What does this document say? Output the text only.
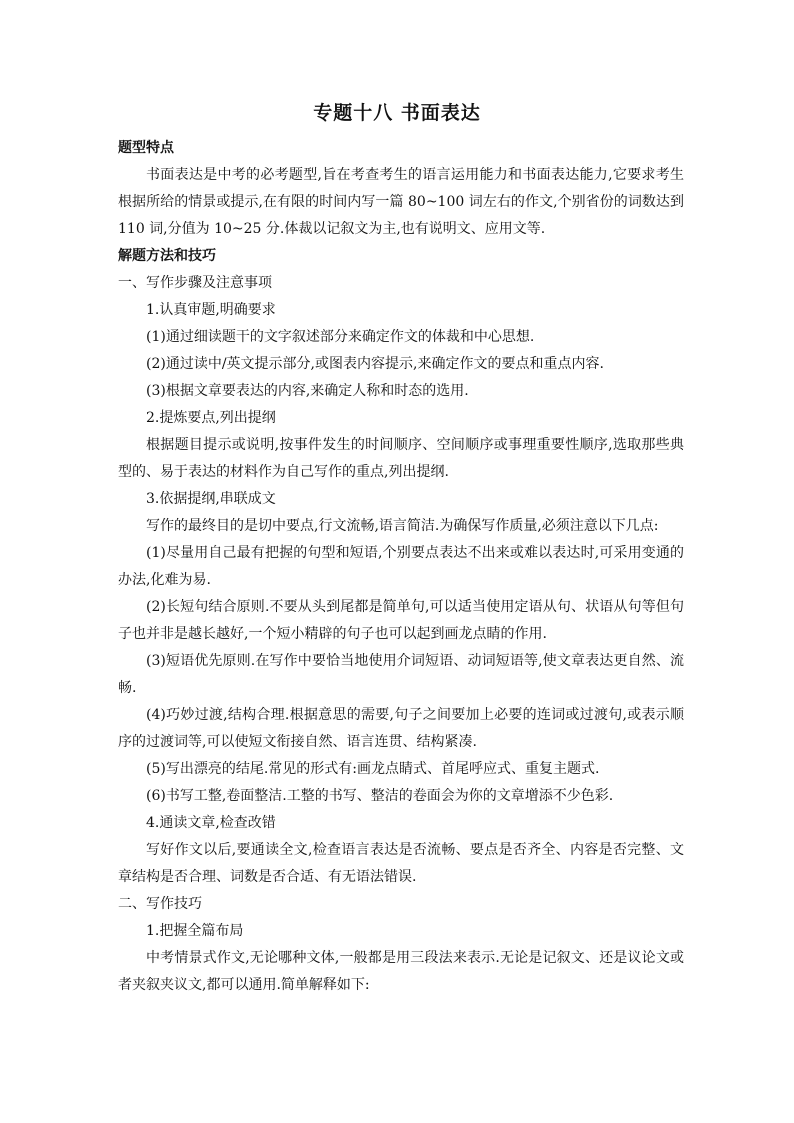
专题十八 书面表达

题型特点

书面表达是中考的必考题型,旨在考查考生的语言运用能力和书面表达能力,它要求考生根据所给的情景或提示,在有限的时间内写一篇 80~100 词左右的作文,个别省份的词数达到 110 词,分值为 10~25 分.体裁以记叙文为主,也有说明文、应用文等.

解题方法和技巧

一、写作步骤及注意事项

1.认真审题,明确要求

(1)通过细读题干的文字叙述部分来确定作文的体裁和中心思想.

(2)通过读中/英文提示部分,或图表内容提示,来确定作文的要点和重点内容.

(3)根据文章要表达的内容,来确定人称和时态的选用.

2.提炼要点,列出提纲

根据题目提示或说明,按事件发生的时间顺序、空间顺序或事理重要性顺序,选取那些典型的、易于表达的材料作为自己写作的重点,列出提纲.

3.依据提纲,串联成文

写作的最终目的是切中要点,行文流畅,语言简洁.为确保写作质量,必须注意以下几点:

(1)尽量用自己最有把握的句型和短语,个别要点表达不出来或难以表达时,可采用变通的办法,化难为易.

(2)长短句结合原则.不要从头到尾都是简单句,可以适当使用定语从句、状语从句等但句子也并非是越长越好,一个短小精辟的句子也可以起到画龙点睛的作用.

(3)短语优先原则.在写作中要恰当地使用介词短语、动词短语等,使文章表达更自然、流畅.

(4)巧妙过渡,结构合理.根据意思的需要,句子之间要加上必要的连词或过渡句,或表示顺序的过渡词等,可以使短文衔接自然、语言连贯、结构紧凑.

(5)写出漂亮的结尾.常见的形式有:画龙点睛式、首尾呼应式、重复主题式.

(6)书写工整,卷面整洁.工整的书写、整洁的卷面会为你的文章增添不少色彩.

4.通读文章,检查改错

写好作文以后,要通读全文,检查语言表达是否流畅、要点是否齐全、内容是否完整、文章结构是否合理、词数是否合适、有无语法错误.

二、写作技巧

1.把握全篇布局

中考情景式作文,无论哪种文体,一般都是用三段法来表示.无论是记叙文、还是议论文或者夹叙夹议文,都可以通用.简单解释如下:
